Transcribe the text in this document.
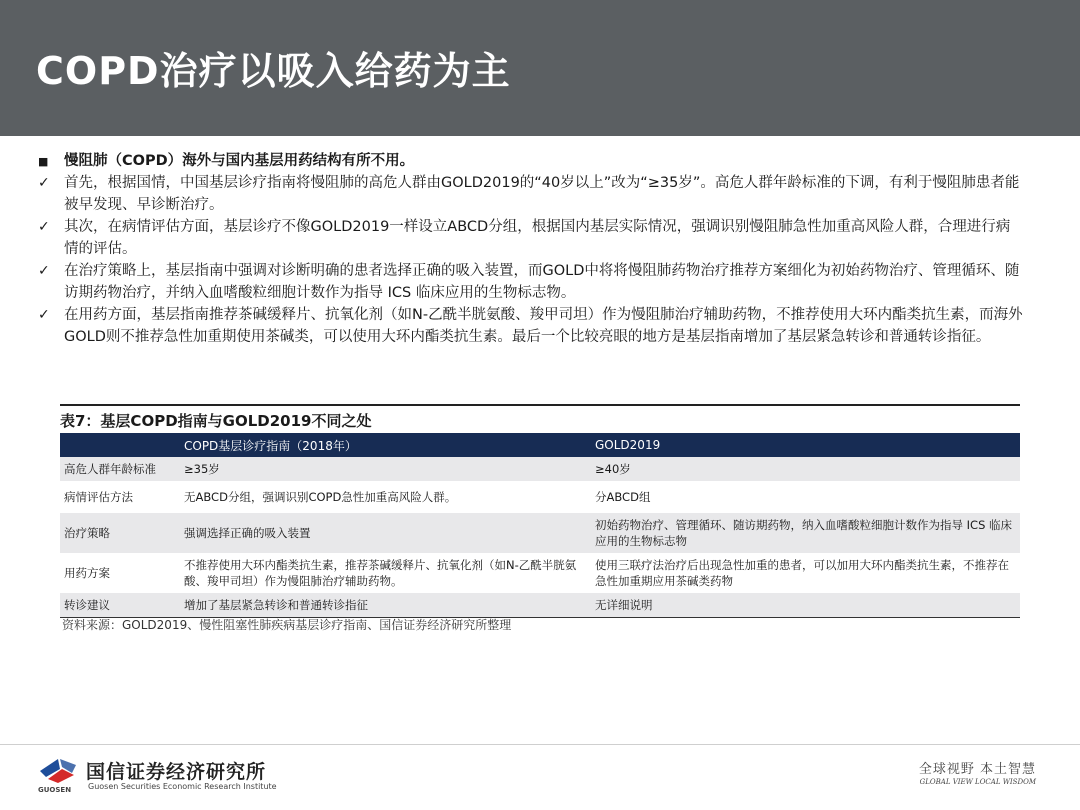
COPD治疗以吸入给药为主
■ 慢阻肺（COPD）海外与国内基层用药结构有所不用。
✓ 首先，根据国情，中国基层诊疗指南将慢阻肺的高危人群由GOLD2019的“40岁以上”改为“≥35岁”。高危人群年龄标准的下调，有利于慢阻肺患者能被早发现、早诊断治疗。
✓ 其次，在病情评估方面，基层诊疗不像GOLD2019一样设立ABCD分组，根据国内基层实际情况，强调识别慢阻肺急性加重高风险人群，合理进行病情的评估。
✓ 在治疗策略上，基层指南中强调对诊断明确的患者选择正确的吸入装置，而GOLD中将将慢阻肺药物治疗推荐方案细化为初始药物治疗、管理循环、随访期药物治疗，并纳入血嗜酸粒细胞计数作为指导 ICS 临床应用的生物标志物。
✓ 在用药方面，基层指南推荐茶碱缓释片、抗氧化剂（如N-乙酰半胱氨酸、羧甲司坦）作为慢阻肺治疗辅助药物，不推荐使用大环内酯类抗生素，而海外GOLD则不推荐急性加重期使用茶碱类，可以使用大环内酯类抗生素。最后一个比较亮眼的地方是基层指南增加了基层紧急转诊和普通转诊指征。
表7：基层COPD指南与GOLD2019不同之处
	COPD基层诊疗指南（2018年）	GOLD2019
高危人群年龄标准	≥35岁	≥40岁
病情评估方法	无ABCD分组，强调识别COPD急性加重高风险人群。	分ABCD组
治疗策略	强调选择正确的吸入装置	初始药物治疗、管理循环、随访期药物，纳入血嗜酸粒细胞计数作为指导 ICS 临床应用的生物标志物
用药方案	不推荐使用大环内酯类抗生素，推荐茶碱缓释片、抗氧化剂（如N-乙酰半胱氨酸、羧甲司坦）作为慢阻肺治疗辅助药物。	使用三联疗法治疗后出现急性加重的患者，可以加用大环内酯类抗生素，不推荐在急性加重期应用茶碱类药物
转诊建议	增加了基层紧急转诊和普通转诊指征	无详细说明
资料来源：GOLD2019、慢性阻塞性肺疾病基层诊疗指南、国信证券经济研究所整理
GUOSEN
国信证券经济研究所
Guosen Securities Economic Research Institute
全球视野 本土智慧
GLOBAL VIEW LOCAL WISDOM
